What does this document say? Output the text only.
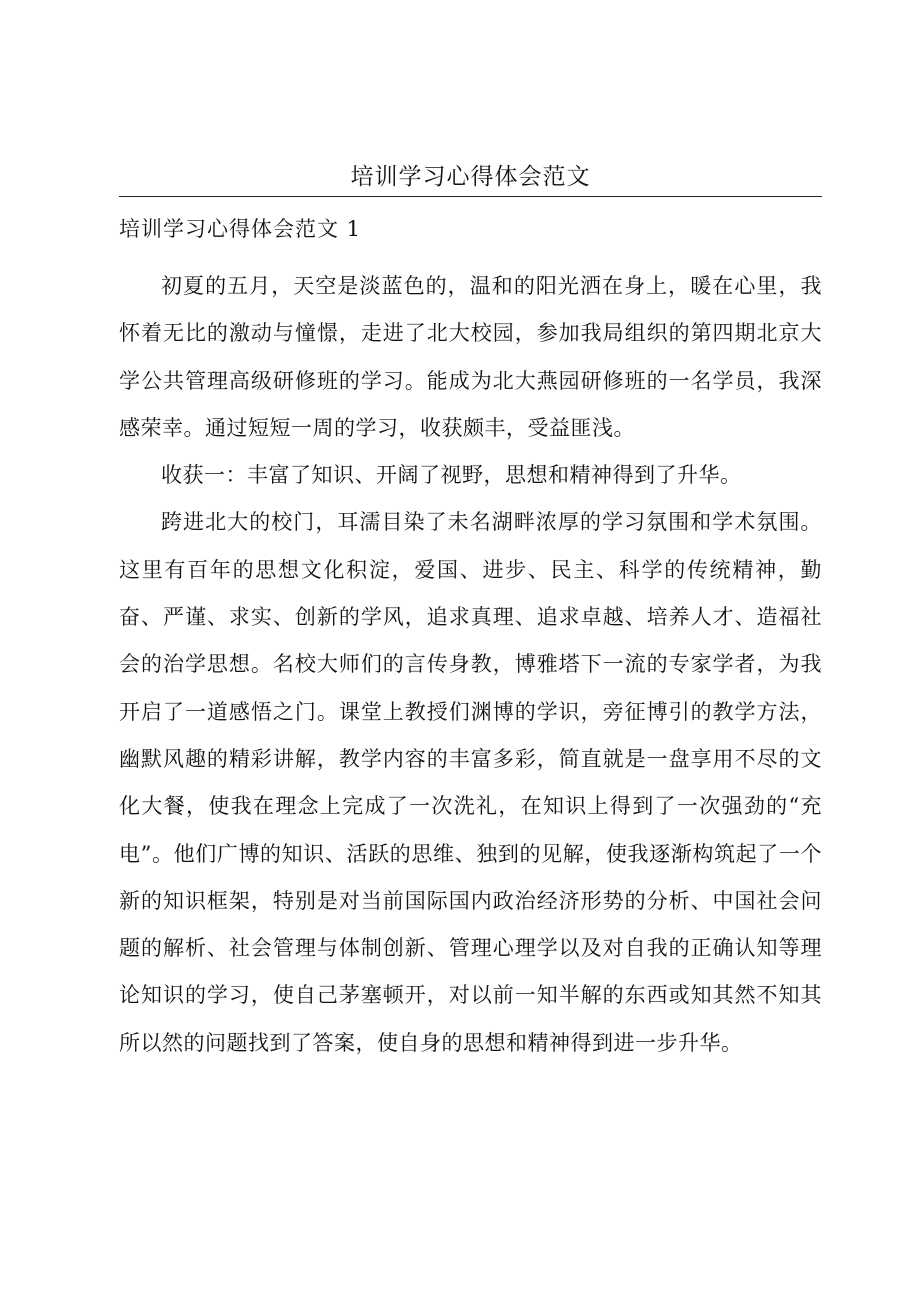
培训学习心得体会范文
培训学习心得体会范文 1

初夏的五月，天空是淡蓝色的，温和的阳光洒在身上，暖在心里，我怀着无比的激动与憧憬，走进了北大校园，参加我局组织的第四期北京大学公共管理高级研修班的学习。能成为北大燕园研修班的一名学员，我深感荣幸。通过短短一周的学习，收获颇丰，受益匪浅。

收获一：丰富了知识、开阔了视野，思想和精神得到了升华。

跨进北大的校门，耳濡目染了未名湖畔浓厚的学习氛围和学术氛围。这里有百年的思想文化积淀，爱国、进步、民主、科学的传统精神，勤奋、严谨、求实、创新的学风，追求真理、追求卓越、培养人才、造福社会的治学思想。名校大师们的言传身教，博雅塔下一流的专家学者，为我开启了一道感悟之门。课堂上教授们渊博的学识，旁征博引的教学方法，幽默风趣的精彩讲解，教学内容的丰富多彩，简直就是一盘享用不尽的文化大餐，使我在理念上完成了一次洗礼，在知识上得到了一次强劲的“充电”。他们广博的知识、活跃的思维、独到的见解，使我逐渐构筑起了一个新的知识框架，特别是对当前国际国内政治经济形势的分析、中国社会问题的解析、社会管理与体制创新、管理心理学以及对自我的正确认知等理论知识的学习，使自己茅塞顿开，对以前一知半解的东西或知其然不知其所以然的问题找到了答案，使自身的思想和精神得到进一步升华。
